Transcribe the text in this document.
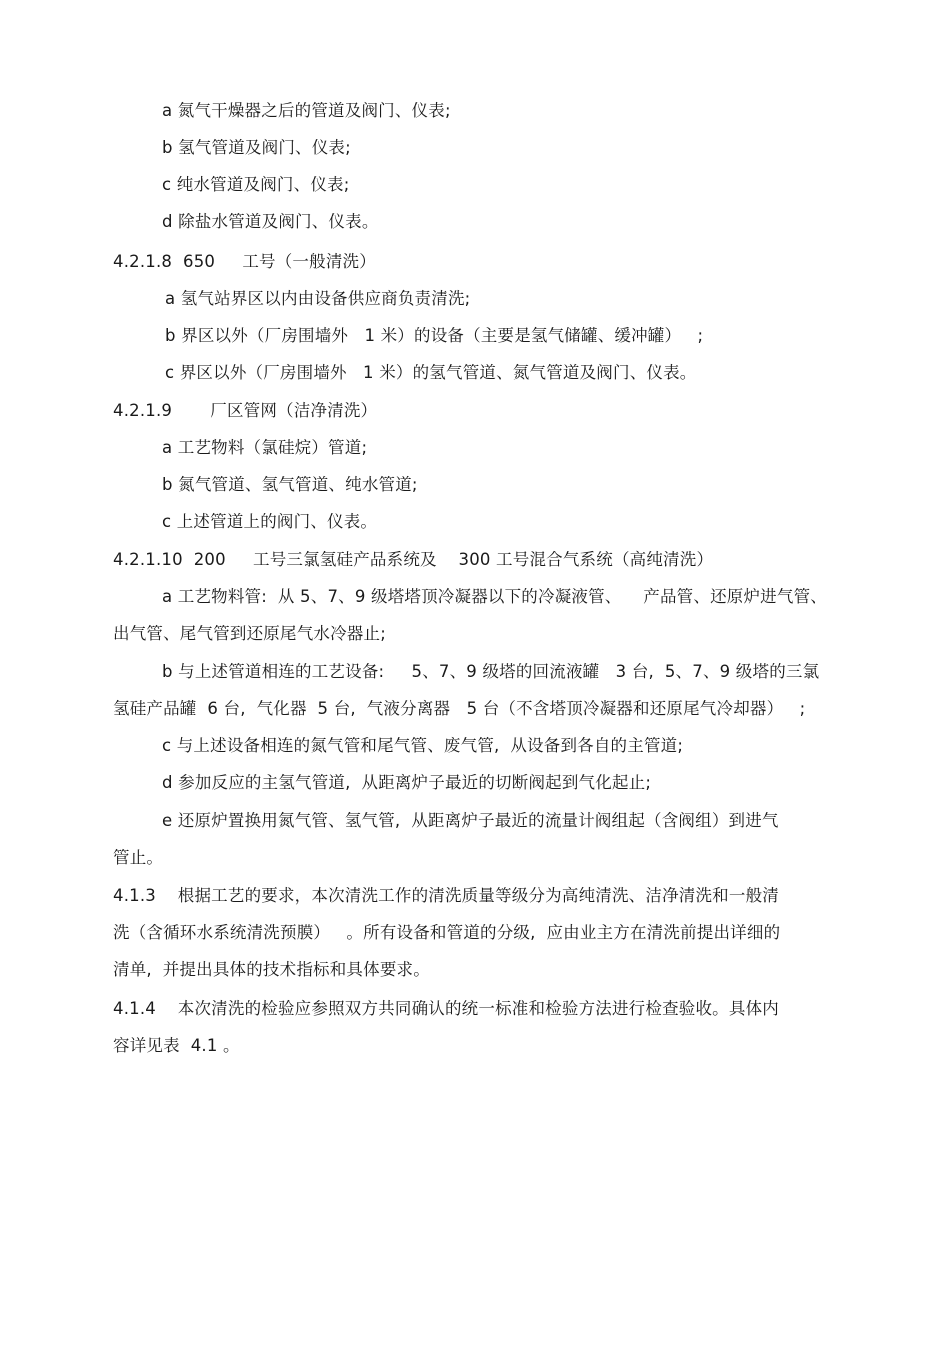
a 氮气干燥器之后的管道及阀门、仪表;
b 氢气管道及阀门、仪表;
c 纯水管道及阀门、仪表;
d 除盐水管道及阀门、仪表。
4.2.1.8  650     工号（一般清洗）
a 氢气站界区以内由设备供应商负责清洗;
b 界区以外（厂房围墙外   1 米）的设备（主要是氢气储罐、缓冲罐）   ;
c 界区以外（厂房围墙外   1 米）的氢气管道、氮气管道及阀门、仪表。
4.2.1.9       厂区管网（洁净清洗）
a 工艺物料（氯硅烷）管道;
b 氮气管道、氢气管道、纯水管道;
c 上述管道上的阀门、仪表。
4.2.1.10  200     工号三氯氢硅产品系统及    300 工号混合气系统（高纯清洗）
a 工艺物料管:  从 5、7、9 级塔塔顶冷凝器以下的冷凝液管、    产品管、还原炉进气管、
出气管、尾气管到还原尾气水冷器止;
b 与上述管道相连的工艺设备:     5、7、9 级塔的回流液罐   3 台,  5、7、9 级塔的三氯
氢硅产品罐  6 台,  气化器  5 台,  气液分离器   5 台（不含塔顶冷凝器和还原尾气冷却器）   ;
c 与上述设备相连的氮气管和尾气管、废气管,  从设备到各自的主管道;
d 参加反应的主氢气管道,  从距离炉子最近的切断阀起到气化起止;
e 还原炉置换用氮气管、氢气管,  从距离炉子最近的流量计阀组起（含阀组）到进气
管止。
4.1.3    根据工艺的要求，本次清洗工作的清洗质量等级分为高纯清洗、洁净清洗和一般清
洗（含循环水系统清洗预膜）   。所有设备和管道的分级,  应由业主方在清洗前提出详细的
清单,  并提出具体的技术指标和具体要求。
4.1.4    本次清洗的检验应参照双方共同确认的统一标准和检验方法进行检查验收。具体内
容详见表  4.1 。
